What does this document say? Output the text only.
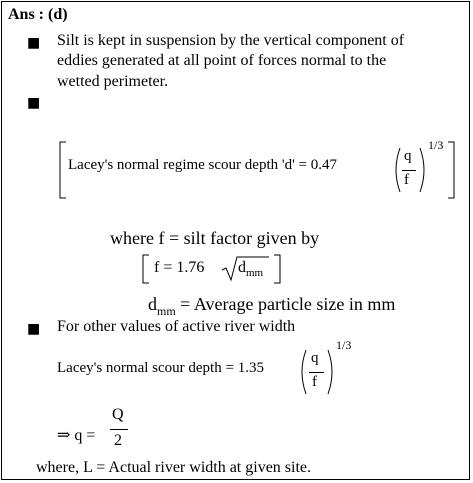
Ans : (d)
■ Silt is kept in suspension by the vertical component of
eddies generated at all point of forces normal to the
wetted perimeter.
■
Lacey's normal regime scour depth 'd' = 0.47
q
f
1/3
where f = silt factor given by
f = 1.76 $d_{mm}$
$d_{mm}$ = Average particle size in mm
■ For other values of active river width
Lacey's normal scour depth = 1.35
q
f
1/3
⇒ q =
Q
2
where, L = Actual river width at given site.
